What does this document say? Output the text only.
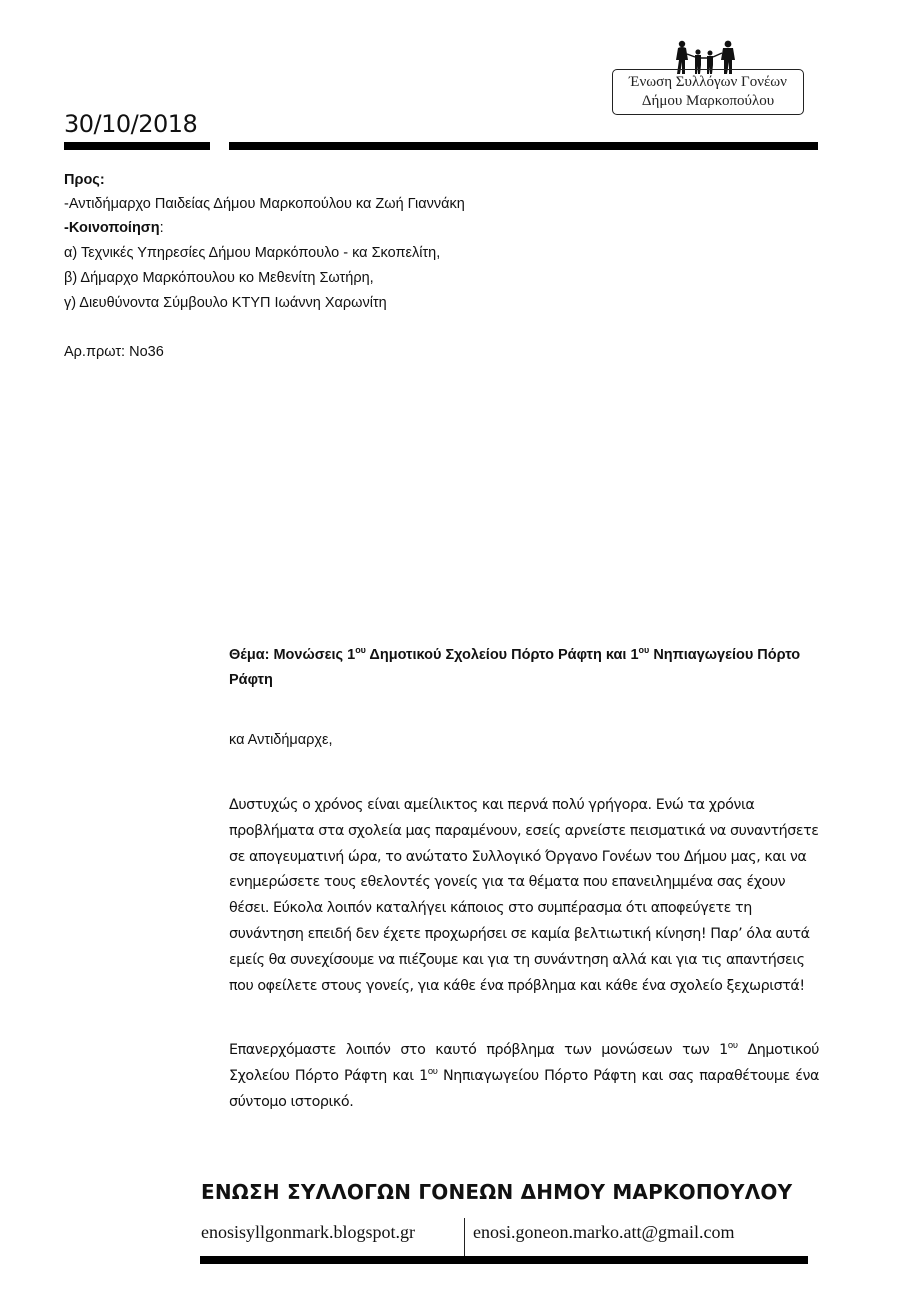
Ένωση Συλλόγων Γονέων
Δήμου Μαρκοπούλου
30/10/2018
Προς:
-Αντιδήμαρχο Παιδείας Δήμου Μαρκοπούλου κα Ζωή Γιαννάκη
-Κοινοποίηση:
α) Τεχνικές Υπηρεσίες Δήμου Μαρκόπουλο - κα Σκοπελίτη,
β) Δήμαρχο Μαρκόπουλου κο Μεθενίτη Σωτήρη,
γ) Διευθύνοντα Σύμβουλο ΚΤΥΠ Ιωάννη Χαρωνίτη
Αρ.πρωτ: Νο36
Θέμα: Μονώσεις $1^{o\upsilon}$ Δημοτικού Σχολείου Πόρτο Ράφτη και $1^{o\upsilon}$ Νηπιαγωγείου Πόρτο Ράφτη
κα Αντιδήμαρχε,
Δυστυχώς ο χρόνος είναι αμείλικτος και περνά πολύ γρήγορα. Ενώ τα χρόνια προβλήματα στα σχολεία μας παραμένουν, εσείς αρνείστε πεισματικά να συναντήσετε σε απογευματινή ώρα, το ανώτατο Συλλογικό Όργανο Γονέων του Δήμου μας, και να ενημερώσετε τους εθελοντές γονείς για τα θέματα που επανειλημμένα σας έχουν θέσει. Εύκολα λοιπόν καταλήγει κάποιος στο συμπέρασμα ότι αποφεύγετε τη συνάντηση επειδή δεν έχετε προχωρήσει σε καμία βελτιωτική κίνηση! Παρ’ όλα αυτά εμείς θα συνεχίσουμε να πιέζουμε και για τη συνάντηση αλλά και για τις απαντήσεις που οφείλετε στους γονείς, για κάθε ένα πρόβλημα και κάθε ένα σχολείο ξεχωριστά!
Επανερχόμαστε λοιπόν στο καυτό πρόβλημα των μονώσεων των $1^{o\upsilon}$ Δημοτικού Σχολείου Πόρτο Ράφτη και $1^{o\upsilon}$ Νηπιαγωγείου Πόρτο Ράφτη και σας παραθέτουμε ένα σύντομο ιστορικό.
ΕΝΩΣΗ ΣΥΛΛΟΓΩΝ ΓΟΝΕΩΝ ΔΗΜΟΥ ΜΑΡΚΟΠΟΥΛΟΥ
enosisyllgonmark.blogspot.gr	enosi.goneon.marko.att@gmail.com
